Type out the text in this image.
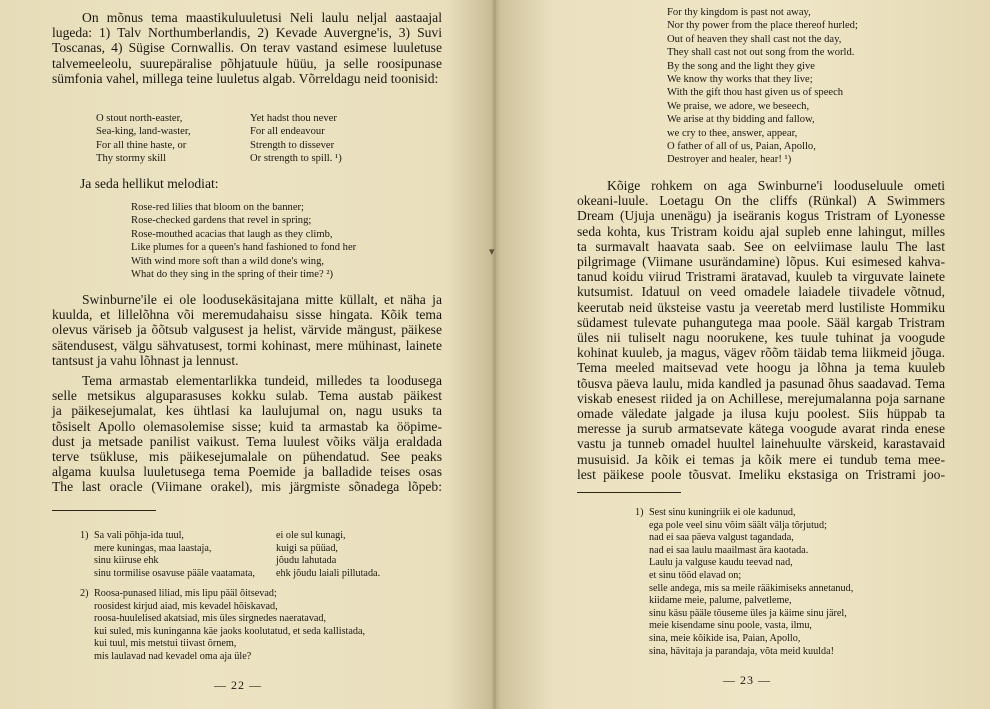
▾

On mõnus tema maastikuluuletusi Neli laulu neljal aastaajal lugeda: 1) Talv Northumberlandis, 2) Kevade Auvergne'is, 3) Suvi Toscanas, 4) Sügise Cornwallis. On terav vastand esimese luuletuse talvemeeleolu, suurepäralise põhjatuule hüüu, ja selle roosipunase sümfonia vahel, millega teine luuletus algab. Võrreldagu neid toonisid:

O stout north-easter,
Sea-king, land-waster,
For all thine haste, or
Thy stormy skill
Yet hadst thou never
For all endeavour
Strength to dissever
Or strength to spill. ¹)

Ja seda hellikut melodiat:

Rose-red lilies that bloom on the banner;
Rose-checked gardens that revel in spring;
Rose-mouthed acacias that laugh as they climb,
Like plumes for a queen's hand fashioned to fond her
With wind more soft than a wild done's wing,
What do they sing in the spring of their time? ²)

Swinburne'ile ei ole loodusekäsitajana mitte küllalt, et näha ja kuulda, et lillelõhna või meremudahaisu sisse hingata. Kõik tema olevus väriseb ja õõtsub valgusest ja helist, värvide mängust, päikese sätendusest, välgu sähvatusest, tormi kohinast, mere mühinast, lainete tantsust ja vahu lõhnast ja lennust.

Tema armastab elementarlikka tundeid, milledes ta loodusega
selle metsikus alguparasuses kokku sulab. Tema austab päikest
ja päikesejumalat, kes ühtlasi ka laulujumal on, nagu usuks ta
tõsiselt Apollo olemasolemise sisse; kuid ta armastab ka ööpime-
dust ja metsade panilist vaikust. Tema luulest võiks välja eraldada
terve tsükluse, mis päikesejumalale on pühendatud. See peaks
algama kuulsa luuletusega tema Poemide ja balladide teises osas
The last oracle (Viimane orakel), mis järgmiste sõnadega lõpeb:
1) Sa vali põhja-ida tuul,
mere kuningas, maa laastaja,
sinu kiiruse ehk
sinu tormilise osavuse pääle vaatamata,
ei ole sul kunagi,
kuigi sa püüad,
jõudu lahutada
ehk jõudu laiali pillutada.
2) Roosa-punased liliad, mis lipu pääl õitsevad;
roosidest kirjud aiad, mis kevadel hõiskavad,
roosa-huulelised akatsiad, mis üles sirgnedes naeratavad,
kui suled, mis kuninganna käe jaoks koolutatud, et seda kallistada,
kui tuul, mis metstui tiivast õrnem,
mis laulavad nad kevadel oma aja üle?
— 22 —
For thy kingdom is past not away,
Nor thy power from the place thereof hurled;
Out of heaven they shall cast not the day,
They shall cast not out song from the world.
By the song and the light they give
We know thy works that they live;
With the gift thou hast given us of speech
We praise, we adore, we beseech,
We arise at thy bidding and fallow,
we cry to thee, answer, appear,
O father of all of us, Paian, Apollo,
Destroyer and healer, hear! ¹)
Kõige rohkem on aga Swinburne'i looduseluule ometi
okeani-luule. Loetagu On the cliffs (Rünkal) A Swimmers
Dream (Ujuja unenägu) ja iseäranis kogus Tristram of Lyonesse
seda kohta, kus Tristram koidu ajal supleb enne lahingut, milles
ta surmavalt haavata saab. See on eelviimase laulu The last
pilgrimage (Viimane usurändamine) lõpus. Kui esimesed kahva-
tanud koidu viirud Tristrami äratavad, kuuleb ta virguvate lainete
kutsumist. Idatuul on veed omadele laiadele tiivadele võtnud,
keerutab neid üksteise vastu ja veeretab merd lustiliste Hommiku
südamest tulevate puhangutega maa poole. Sääl kargab Tristram
üles nii tuliselt nagu noorukene, kes tuule tuhinat ja voogude
kohinat kuuleb, ja magus, vägev rõõm täidab tema liikmeid jõuga.
Tema meeled maitsevad vete hoogu ja lõhna ja tema kuuleb
tõusva päeva laulu, mida kandled ja pasunad õhus saadavad. Tema
viskab enesest riided ja on Achillese, merejumalanna poja sarnane
omade väledate jalgade ja ilusa kuju poolest. Siis hüppab ta
meresse ja surub armatsevate kätega voogude avarat rinda enese
vastu ja tunneb omadel huultel lainehuulte värskeid, karastavaid
musuisid. Ja kõik ei temas ja kõik mere ei tundub tema mee-
lest päikese poole tõusvat. Imeliku ekstasiga on Tristrami joo-
1) Sest sinu kuningriik ei ole kadunud,
ega pole veel sinu võim säält välja tõrjutud;
nad ei saa päeva valgust tagandada,
nad ei saa laulu maailmast ära kaotada.
Laulu ja valguse kaudu teevad nad,
et sinu tööd elavad on;
selle andega, mis sa meile rääkimiseks annetanud,
kiidame meie, palume, palvetleme,
sinu käsu pääle tõuseme üles ja käime sinu järel,
meie kisendame sinu poole, vasta, ilmu,
sina, meie kõikide isa, Paian, Apollo,
sina, hävitaja ja parandaja, võta meid kuulda!
— 23 —
